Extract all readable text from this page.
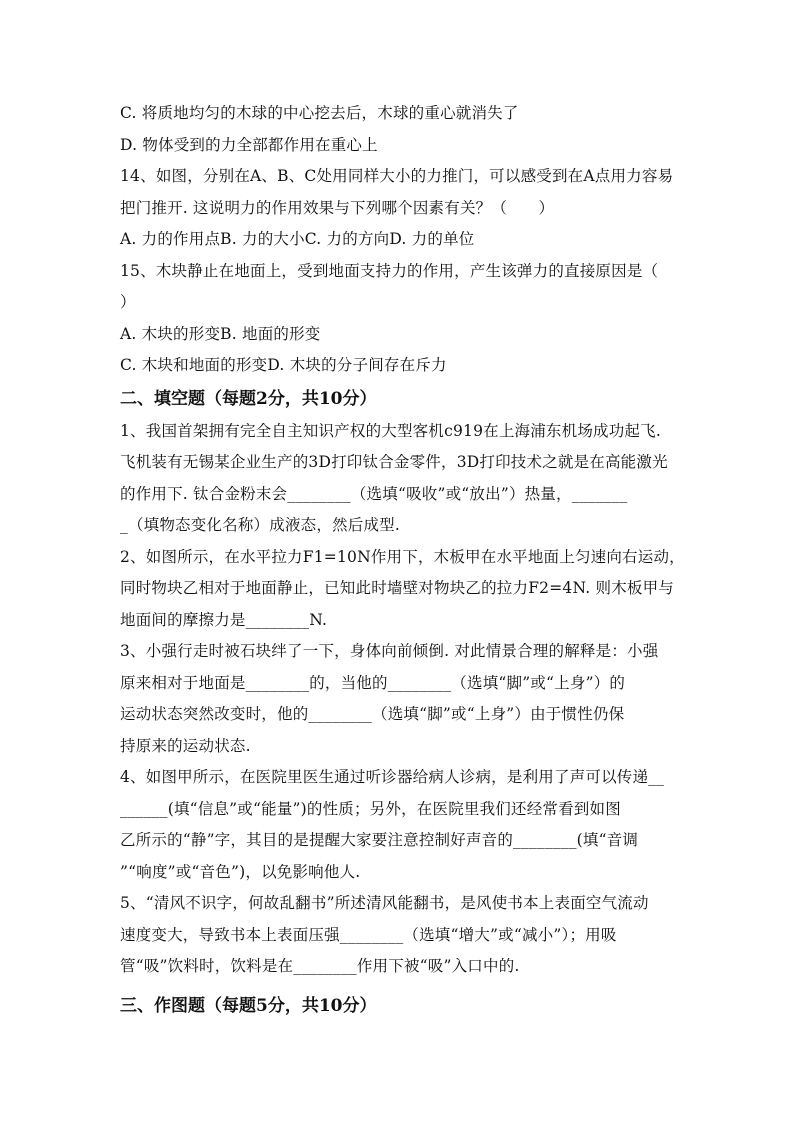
C. 将质地均匀的木球的中心挖去后，木球的重心就消失了
D. 物体受到的力全部都作用在重心上
14、如图，分别在A、B、C处用同样大小的力推门，可以感受到在A点用力容易
把门推开. 这说明力的作用效果与下列哪个因素有关？（　　）
A. 力的作用点B. 力的大小C. 力的方向D. 力的单位
15、木块静止在地面上，受到地面支持力的作用，产生该弹力的直接原因是（
）
A. 木块的形变B. 地面的形变
C. 木块和地面的形变D. 木块的分子间存在斥力
二、填空题（每题2分，共10分）
1、我国首架拥有完全自主知识产权的大型客机c919在上海浦东机场成功起飞.
飞机装有无锡某企业生产的3D打印钛合金零件，3D打印技术之就是在高能激光
的作用下. 钛合金粉末会________（选填“吸收”或“放出”）热量，_______
_（填物态变化名称）成液态，然后成型.
2、如图所示，在水平拉力F1=10N作用下，木板甲在水平地面上匀速向右运动，
同时物块乙相对于地面静止，已知此时墙壁对物块乙的拉力F2=4N. 则木板甲与
地面间的摩擦力是________N.
3、小强行走时被石块绊了一下，身体向前倾倒. 对此情景合理的解释是：小强
原来相对于地面是________的，当他的________（选填“脚”或“上身”）的
运动状态突然改变时，他的________（选填“脚”或“上身”）由于惯性仍保
持原来的运动状态.
4、如图甲所示，在医院里医生通过听诊器给病人诊病，是利用了声可以传递__
______(填“信息”或“能量”)的性质；另外，在医院里我们还经常看到如图
乙所示的“静”字，其目的是提醒大家要注意控制好声音的________(填“音调
”“响度”或“音色”)，以免影响他人.
5、“清风不识字，何故乱翻书”所述清风能翻书，是风使书本上表面空气流动
速度变大，导致书本上表面压强________（选填“增大”或“减小”）；用吸
管“吸”饮料时，饮料是在________作用下被“吸”入口中的.
三、作图题（每题5分，共10分）
